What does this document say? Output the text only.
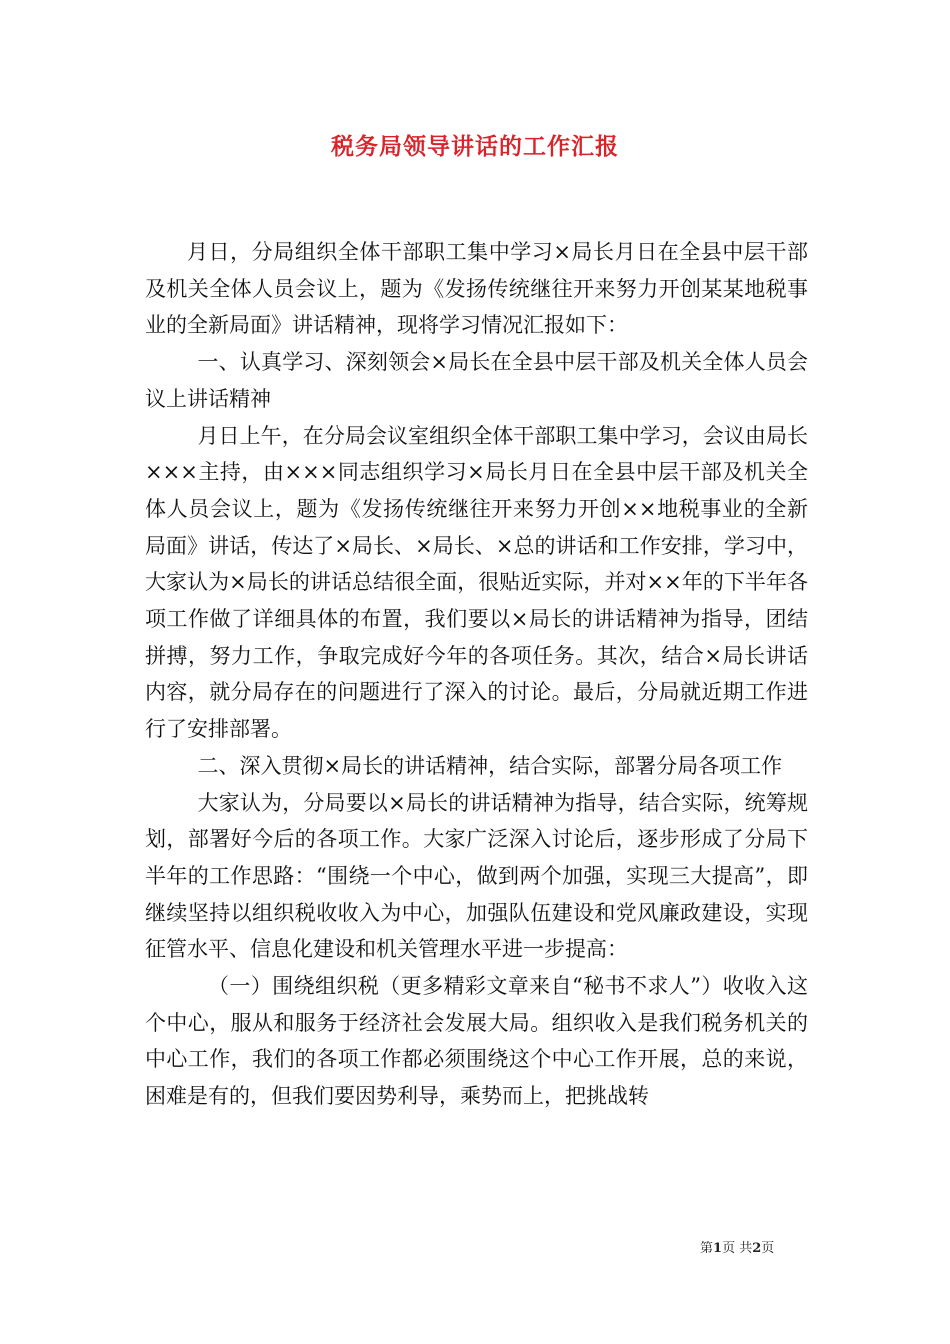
税务局领导讲话的工作汇报

月日，分局组织全体干部职工集中学习×局长月日在全县中层干部及机关全体人员会议上，题为《发扬传统继往开来努力开创某某地税事业的全新局面》讲话精神，现将学习情况汇报如下：

一、认真学习、深刻领会×局长在全县中层干部及机关全体人员会议上讲话精神

月日上午，在分局会议室组织全体干部职工集中学习，会议由局长×××主持，由×××同志组织学习×局长月日在全县中层干部及机关全体人员会议上，题为《发扬传统继往开来努力开创××地税事业的全新局面》讲话，传达了×局长、×局长、×总的讲话和工作安排，学习中，大家认为×局长的讲话总结很全面，很贴近实际，并对××年的下半年各项工作做了详细具体的布置，我们要以×局长的讲话精神为指导，团结拼搏，努力工作，争取完成好今年的各项任务。其次，结合×局长讲话内容，就分局存在的问题进行了深入的讨论。最后，分局就近期工作进行了安排部署。

二、深入贯彻×局长的讲话精神，结合实际，部署分局各项工作

大家认为，分局要以×局长的讲话精神为指导，结合实际，统筹规划，部署好今后的各项工作。大家广泛深入讨论后，逐步形成了分局下半年的工作思路：“围绕一个中心，做到两个加强，实现三大提高”，即继续坚持以组织税收收入为中心，加强队伍建设和党风廉政建设，实现征管水平、信息化建设和机关管理水平进一步提高：

（一）围绕组织税（更多精彩文章来自“秘书不求人”）收收入这个中心，服从和服务于经济社会发展大局。组织收入是我们税务机关的中心工作，我们的各项工作都必须围绕这个中心工作开展，总的来说，困难是有的，但我们要因势利导，乘势而上，把挑战转

第1页 共2页
